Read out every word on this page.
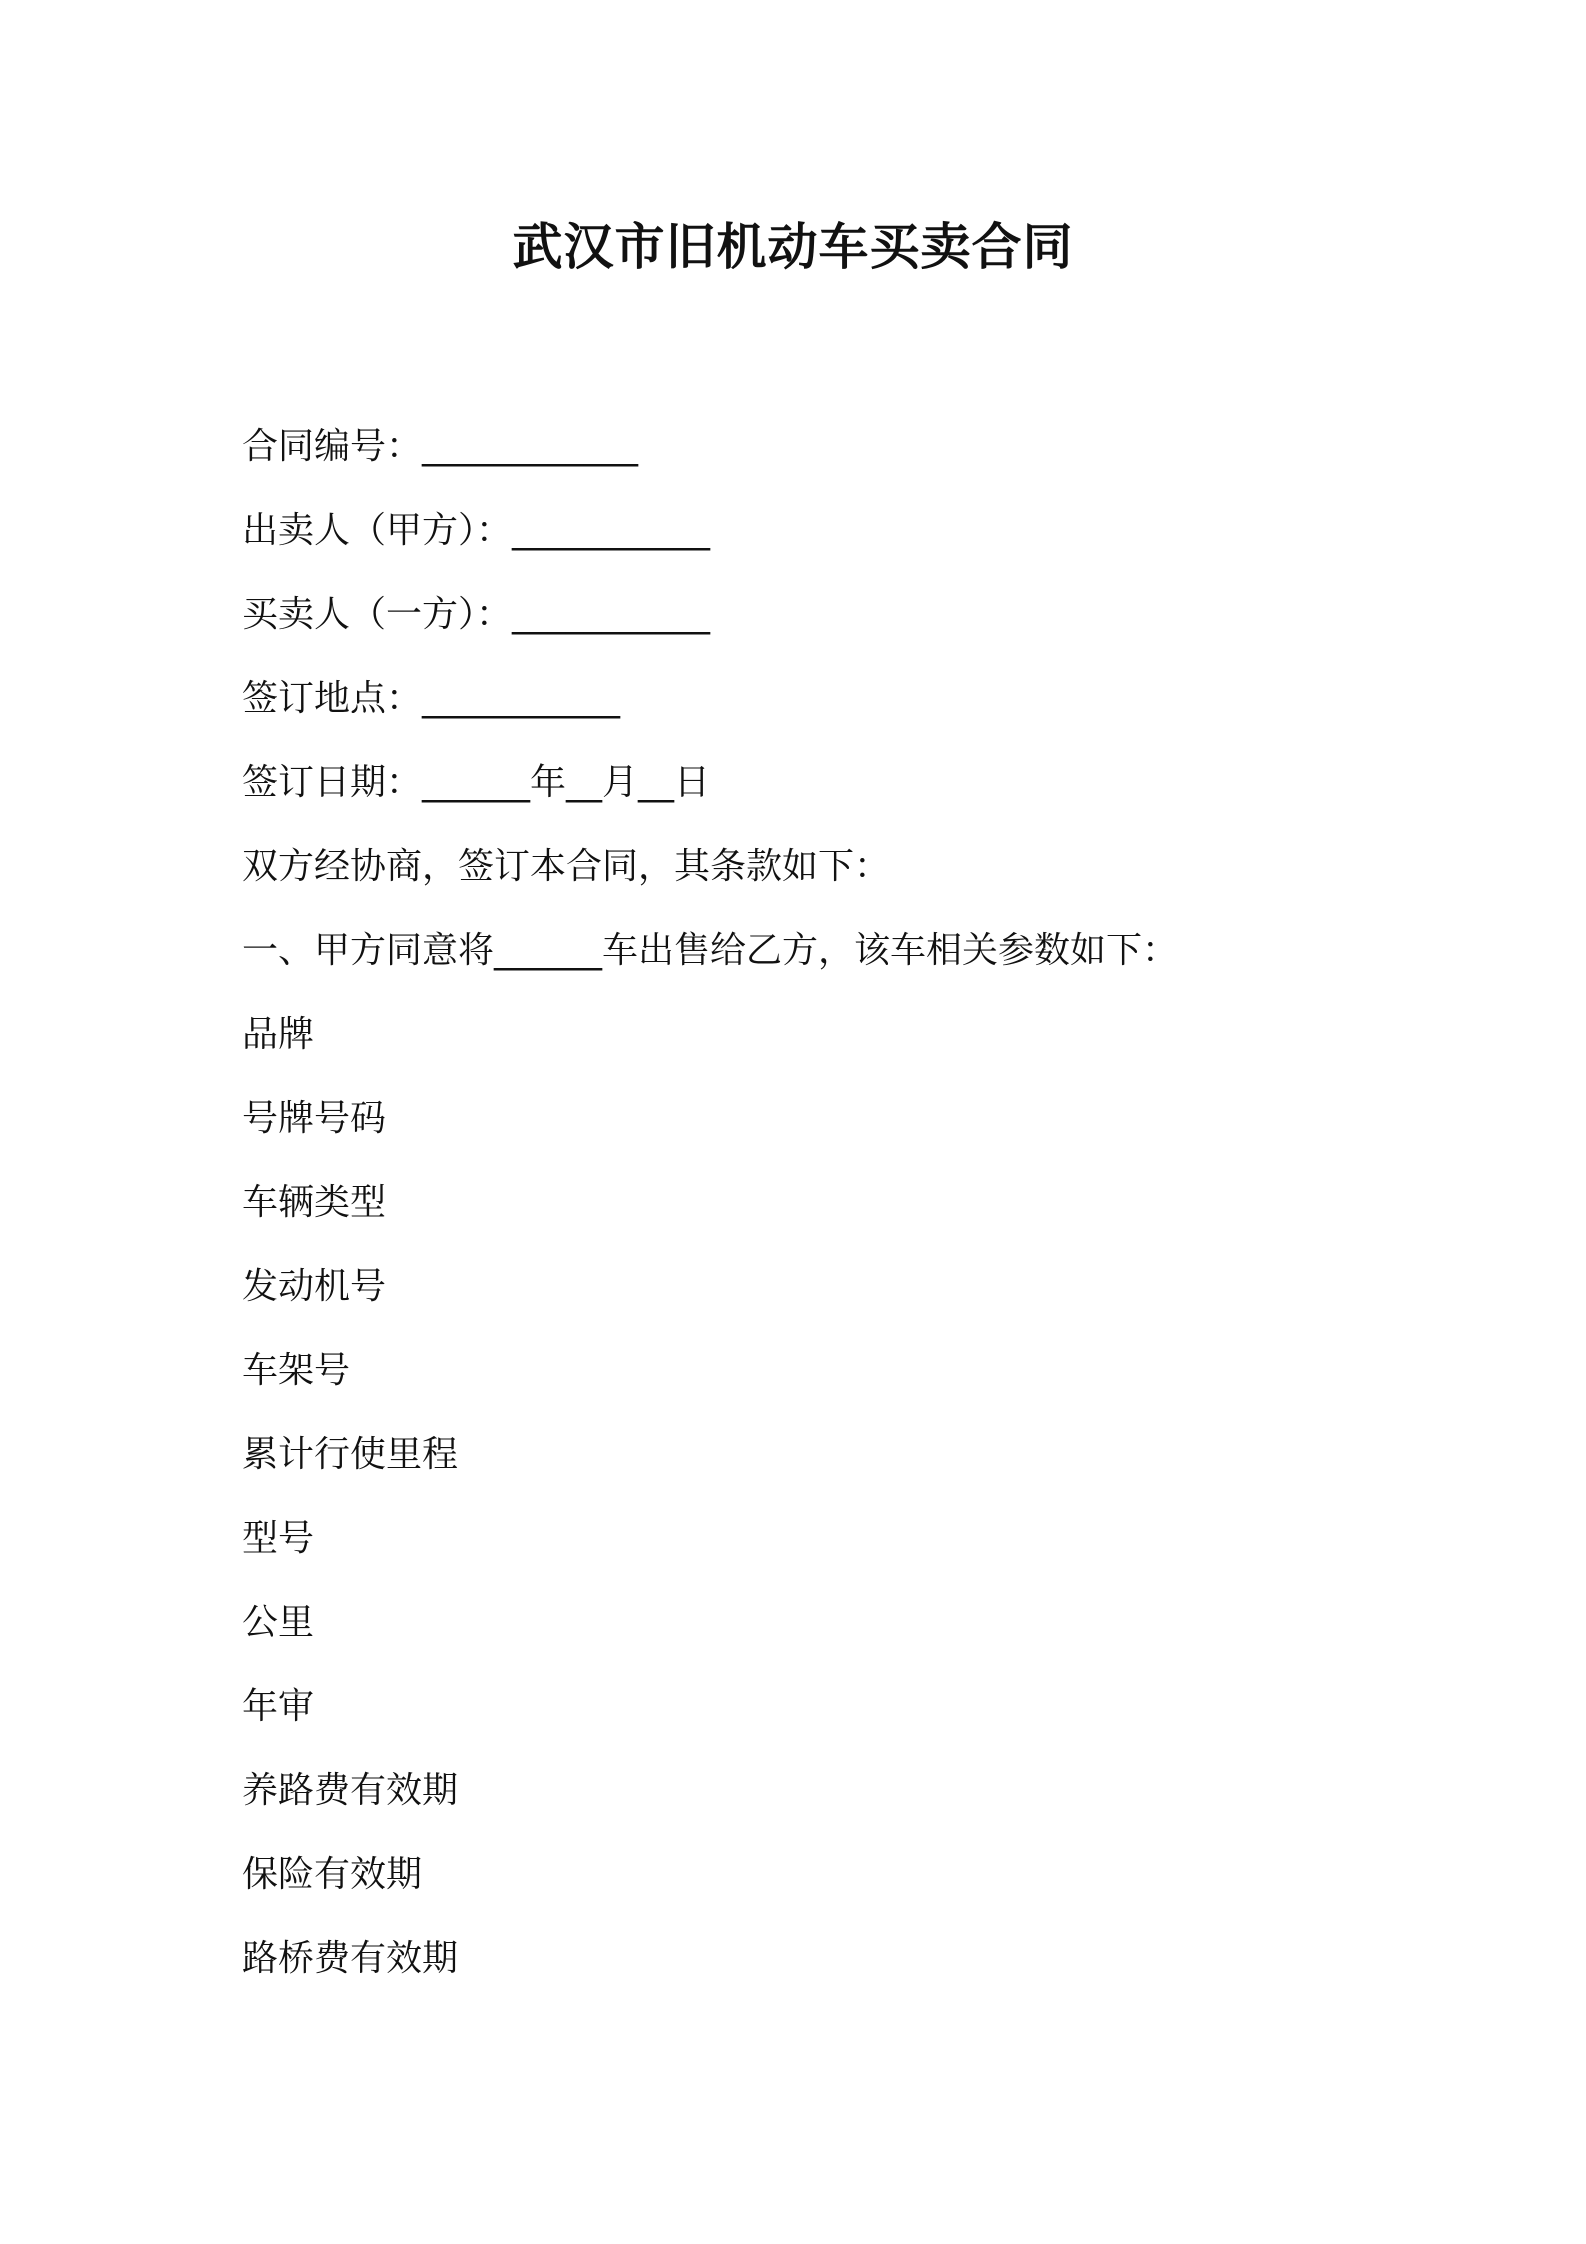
武汉市旧机动车买卖合同
合同编号：____________
出卖人（甲方）：___________
买卖人（一方）：___________
签订地点：___________
签订日期：______年__月__日
双方经协商，签订本合同，其条款如下：
一、甲方同意将______车出售给乙方，该车相关参数如下：
品牌
号牌号码
车辆类型
发动机号
车架号
累计行使里程
型号
公里
年审
养路费有效期
保险有效期
路桥费有效期
